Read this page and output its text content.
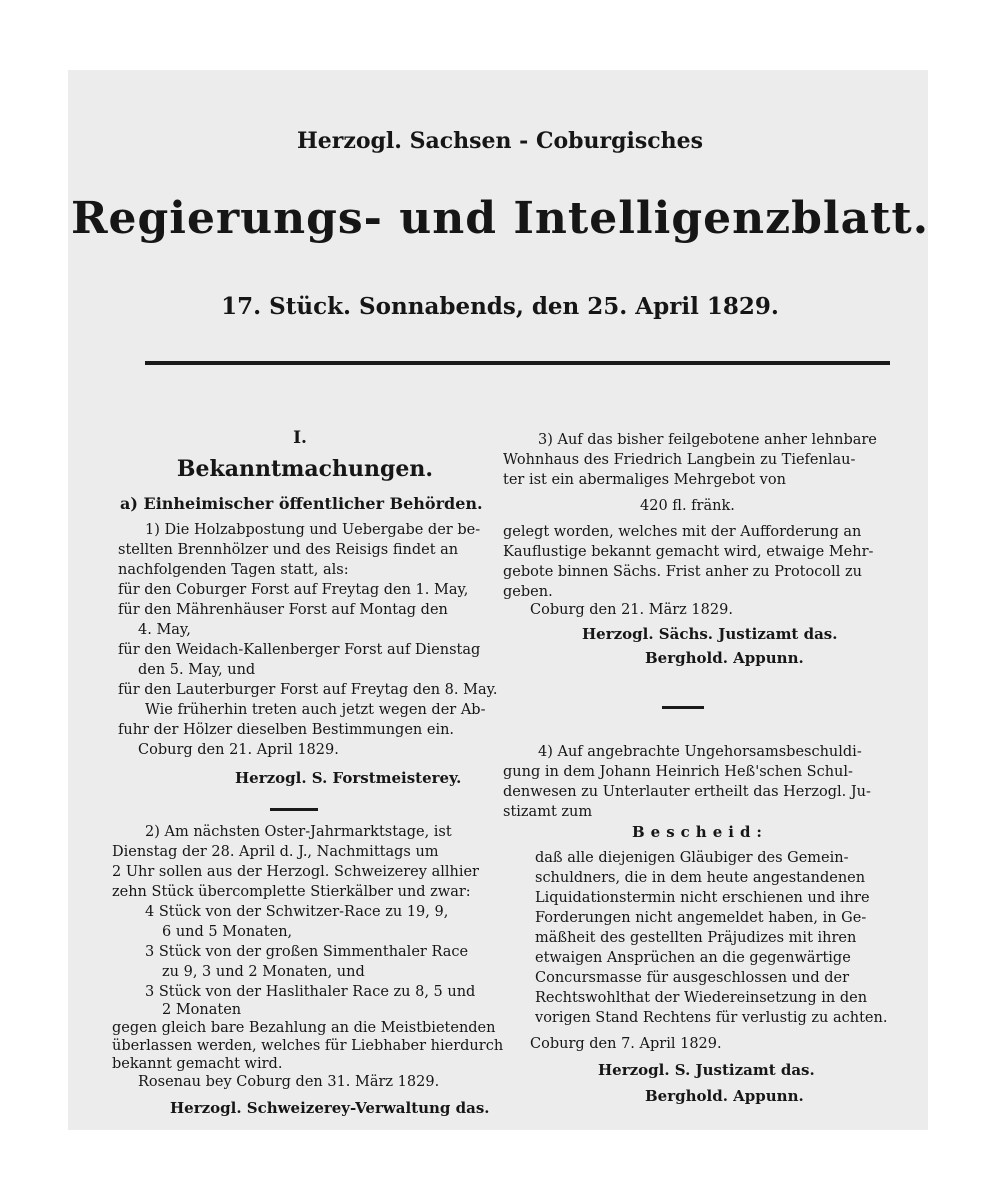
Herzogl. Sachsen - Coburgisches
Regierungs- und Intelligenzblatt.
17. Stück. Sonnabends, den 25. April 1829.
I.
Bekanntmachungen.
a) Einheimischer öffentlicher Behörden.
1) Die Holzabpostung und Uebergabe der be-
stellten Brennhölzer und des Reisigs findet an
nachfolgenden Tagen statt, als:
für den Coburger Forst auf Freytag den 1. May,
für den Mährenhäuser Forst auf Montag den
4. May,
für den Weidach-Kallenberger Forst auf Dienstag
den 5. May, und
für den Lauterburger Forst auf Freytag den 8. May.
Wie früherhin treten auch jetzt wegen der Ab-
fuhr der Hölzer dieselben Bestimmungen ein.
Coburg den 21. April 1829.
Herzogl. S. Forstmeisterey.
2) Am nächsten Oster-Jahrmarktstage, ist
Dienstag der 28. April d. J., Nachmittags um
2 Uhr sollen aus der Herzogl. Schweizerey allhier
zehn Stück übercomplette Stierkälber und zwar:
4 Stück von der Schwitzer-Race zu 19, 9,
6 und 5 Monaten,
3 Stück von der großen Simmenthaler Race
zu 9, 3 und 2 Monaten, und
3 Stück von der Haslithaler Race zu 8, 5 und
2 Monaten
gegen gleich bare Bezahlung an die Meistbietenden
überlassen werden, welches für Liebhaber hierdurch
bekannt gemacht wird.
Rosenau bey Coburg den 31. März 1829.
Herzogl. Schweizerey-Verwaltung das.
3) Auf das bisher feilgebotene anher lehnbare
Wohnhaus des Friedrich Langbein zu Tiefenlau-
ter ist ein abermaliges Mehrgebot von
420 fl. fränk.
gelegt worden, welches mit der Aufforderung an
Kauflustige bekannt gemacht wird, etwaige Mehr-
gebote binnen Sächs. Frist anher zu Protocoll zu
geben.
Coburg den 21. März 1829.
Herzogl. Sächs. Justizamt das.
Berghold. Appunn.
4) Auf angebrachte Ungehorsamsbeschuldi-
gung in dem Johann Heinrich Heß'schen Schul-
denwesen zu Unterlauter ertheilt das Herzogl. Ju-
stizamt zum
Bescheid:
daß alle diejenigen Gläubiger des Gemein-
schuldners, die in dem heute angestandenen
Liquidationstermin nicht erschienen und ihre
Forderungen nicht angemeldet haben, in Ge-
mäßheit des gestellten Präjudizes mit ihren
etwaigen Ansprüchen an die gegenwärtige
Concursmasse für ausgeschlossen und der
Rechtswohlthat der Wiedereinsetzung in den
vorigen Stand Rechtens für verlustig zu achten.
Coburg den 7. April 1829.
Herzogl. S. Justizamt das.
Berghold. Appunn.
